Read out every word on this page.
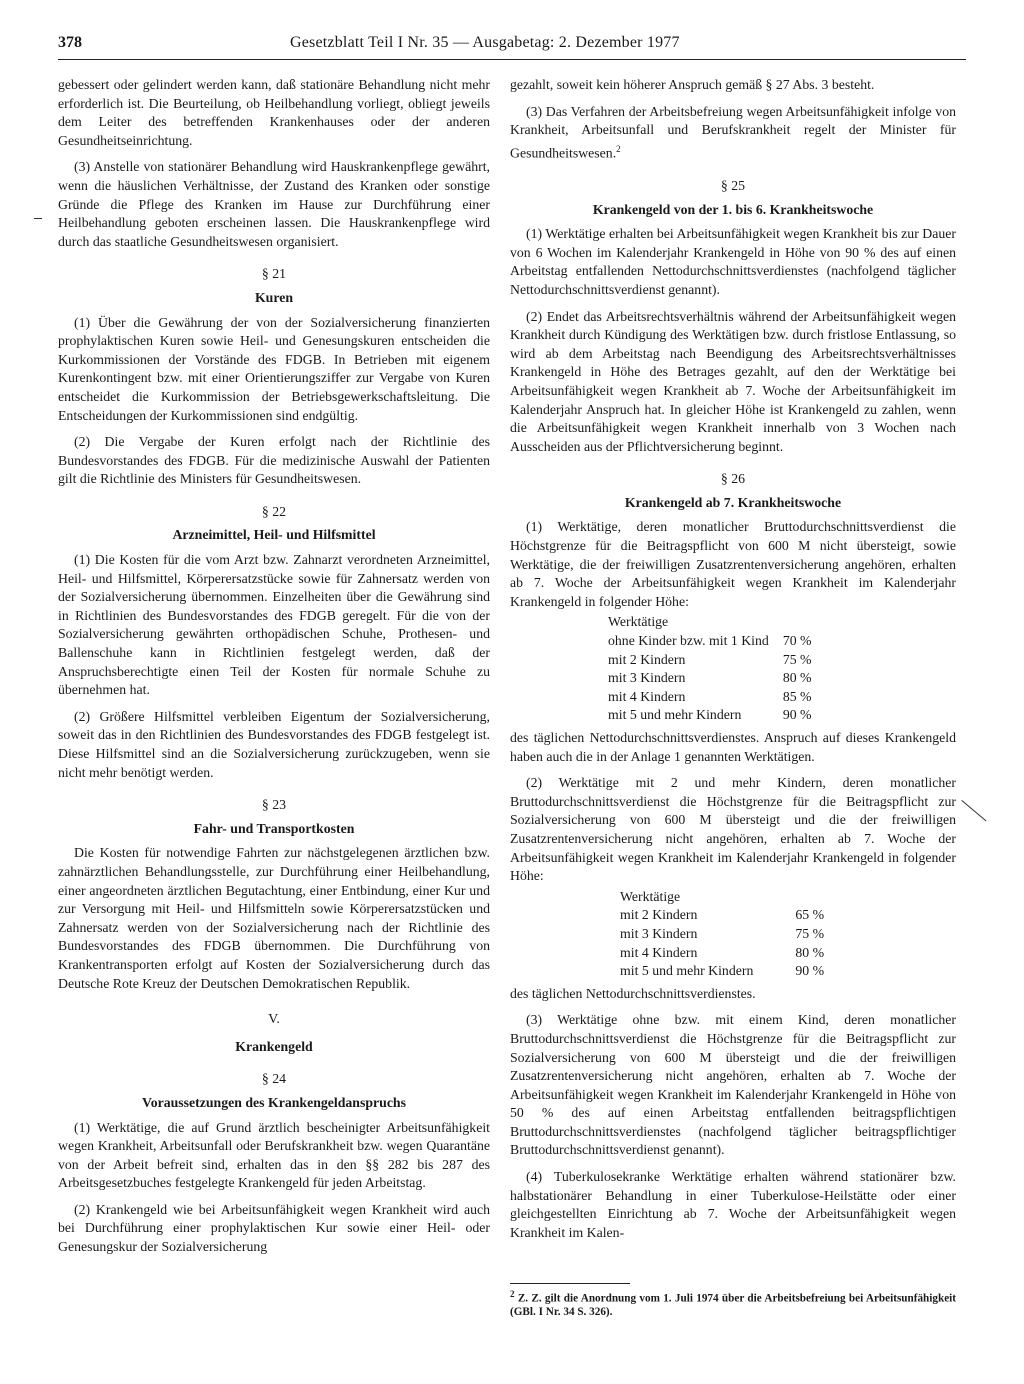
378	Gesetzblatt Teil I Nr. 35 — Ausgabetag: 2. Dezember 1977

gebessert oder gelindert werden kann, daß stationäre Behandlung nicht mehr erforderlich ist. Die Beurteilung, ob Heilbehandlung vorliegt, obliegt jeweils dem Leiter des betreffenden Krankenhauses oder der anderen Gesundheitseinrichtung.

(3) Anstelle von stationärer Behandlung wird Hauskrankenpflege gewährt, wenn die häuslichen Verhältnisse, der Zustand des Kranken oder sonstige Gründe die Pflege des Kranken im Hause zur Durchführung einer Heilbehandlung geboten erscheinen lassen. Die Hauskrankenpflege wird durch das staatliche Gesundheitswesen organisiert.

§ 21
Kuren

(1) Über die Gewährung der von der Sozialversicherung finanzierten prophylaktischen Kuren sowie Heil- und Genesungskuren entscheiden die Kurkommissionen der Vorstände des FDGB. In Betrieben mit eigenem Kurenkontingent bzw. mit einer Orientierungsziffer zur Vergabe von Kuren entscheidet die Kurkommission der Betriebsgewerkschaftsleitung. Die Entscheidungen der Kurkommissionen sind endgültig.

(2) Die Vergabe der Kuren erfolgt nach der Richtlinie des Bundesvorstandes des FDGB. Für die medizinische Auswahl der Patienten gilt die Richtlinie des Ministers für Gesundheitswesen.

§ 22
Arzneimittel, Heil- und Hilfsmittel

(1) Die Kosten für die vom Arzt bzw. Zahnarzt verordneten Arzneimittel, Heil- und Hilfsmittel, Körperersatzstücke sowie für Zahnersatz werden von der Sozialversicherung übernommen. Einzelheiten über die Gewährung sind in Richtlinien des Bundesvorstandes des FDGB geregelt. Für die von der Sozialversicherung gewährten orthopädischen Schuhe, Prothesen- und Ballenschuhe kann in Richtlinien festgelegt werden, daß der Anspruchsberechtigte einen Teil der Kosten für normale Schuhe zu übernehmen hat.

(2) Größere Hilfsmittel verbleiben Eigentum der Sozialversicherung, soweit das in den Richtlinien des Bundesvorstandes des FDGB festgelegt ist. Diese Hilfsmittel sind an die Sozialversicherung zurückzugeben, wenn sie nicht mehr benötigt werden.

§ 23
Fahr- und Transportkosten

Die Kosten für notwendige Fahrten zur nächstgelegenen ärztlichen bzw. zahnärztlichen Behandlungsstelle, zur Durchführung einer Heilbehandlung, einer angeordneten ärztlichen Begutachtung, einer Entbindung, einer Kur und zur Versorgung mit Heil- und Hilfsmitteln sowie Körperersatzstücken und Zahnersatz werden von der Sozialversicherung nach der Richtlinie des Bundesvorstandes des FDGB übernommen. Die Durchführung von Krankentransporten erfolgt auf Kosten der Sozialversicherung durch das Deutsche Rote Kreuz der Deutschen Demokratischen Republik.

V.
Krankengeld
§ 24
Voraussetzungen des Krankengeldanspruchs

(1) Werktätige, die auf Grund ärztlich bescheinigter Arbeitsunfähigkeit wegen Krankheit, Arbeitsunfall oder Berufskrankheit bzw. wegen Quarantäne von der Arbeit befreit sind, erhalten das in den §§ 282 bis 287 des Arbeitsgesetzbuches festgelegte Krankengeld für jeden Arbeitstag.

(2) Krankengeld wie bei Arbeitsunfähigkeit wegen Krankheit wird auch bei Durchführung einer prophylaktischen Kur sowie einer Heil- oder Genesungskur der Sozialversicherung

gezahlt, soweit kein höherer Anspruch gemäß § 27 Abs. 3 besteht.

(3) Das Verfahren der Arbeitsbefreiung wegen Arbeitsunfähigkeit infolge von Krankheit, Arbeitsunfall und Berufskrankheit regelt der Minister für Gesundheitswesen.$^2$

§ 25
Krankengeld von der 1. bis 6. Krankheitswoche

(1) Werktätige erhalten bei Arbeitsunfähigkeit wegen Krankheit bis zur Dauer von 6 Wochen im Kalenderjahr Krankengeld in Höhe von 90 % des auf einen Arbeitstag entfallenden Nettodurchschnittsverdienstes (nachfolgend täglicher Nettodurchschnittsverdienst genannt).

(2) Endet das Arbeitsrechtsverhältnis während der Arbeitsunfähigkeit wegen Krankheit durch Kündigung des Werktätigen bzw. durch fristlose Entlassung, so wird ab dem Arbeitstag nach Beendigung des Arbeitsrechtsverhältnisses Krankengeld in Höhe des Betrages gezahlt, auf den der Werktätige bei Arbeitsunfähigkeit wegen Krankheit ab 7. Woche der Arbeitsunfähigkeit im Kalenderjahr Anspruch hat. In gleicher Höhe ist Krankengeld zu zahlen, wenn die Arbeitsunfähigkeit wegen Krankheit innerhalb von 3 Wochen nach Ausscheiden aus der Pflichtversicherung beginnt.

§ 26
Krankengeld ab 7. Krankheitswoche

(1) Werktätige, deren monatlicher Bruttodurchschnittsverdienst die Höchstgrenze für die Beitragspflicht von 600 M nicht übersteigt, sowie Werktätige, die der freiwilligen Zusatzrentenversicherung angehören, erhalten ab 7. Woche der Arbeitsunfähigkeit wegen Krankheit im Kalenderjahr Krankengeld in folgender Höhe:

Werktätige	
ohne Kinder bzw. mit 1 Kind	70 %
mit 2 Kindern	75 %
mit 3 Kindern	80 %
mit 4 Kindern	85 %
mit 5 und mehr Kindern	90 %

des täglichen Nettodurchschnittsverdienstes. Anspruch auf dieses Krankengeld haben auch die in der Anlage 1 genannten Werktätigen.

(2) Werktätige mit 2 und mehr Kindern, deren monatlicher Bruttodurchschnittsverdienst die Höchstgrenze für die Beitragspflicht zur Sozialversicherung von 600 M übersteigt und die der freiwilligen Zusatzrentenversicherung nicht angehören, erhalten ab 7. Woche der Arbeitsunfähigkeit wegen Krankheit im Kalenderjahr Krankengeld in folgender Höhe:

Werktätige	
mit 2 Kindern	65 %
mit 3 Kindern	75 %
mit 4 Kindern	80 %
mit 5 und mehr Kindern	90 %

des täglichen Nettodurchschnittsverdienstes.

(3) Werktätige ohne bzw. mit einem Kind, deren monatlicher Bruttodurchschnittsverdienst die Höchstgrenze für die Beitragspflicht zur Sozialversicherung von 600 M übersteigt und die der freiwilligen Zusatzrentenversicherung nicht angehören, erhalten ab 7. Woche der Arbeitsunfähigkeit wegen Krankheit im Kalenderjahr Krankengeld in Höhe von 50 % des auf einen Arbeitstag entfallenden beitragspflichtigen Bruttodurchschnittsverdienstes (nachfolgend täglicher beitragspflichtiger Bruttodurchschnittsverdienst genannt).

(4) Tuberkulosekranke Werktätige erhalten während stationärer bzw. halbstationärer Behandlung in einer Tuberkulose-Heilstätte oder einer gleichgestellten Einrichtung ab 7. Woche der Arbeitsunfähigkeit wegen Krankheit im Kalen-

$^2$ Z. Z. gilt die Anordnung vom 1. Juli 1974 über die Arbeitsbefreiung bei Arbeitsunfähigkeit (GBl. I Nr. 34 S. 326).
